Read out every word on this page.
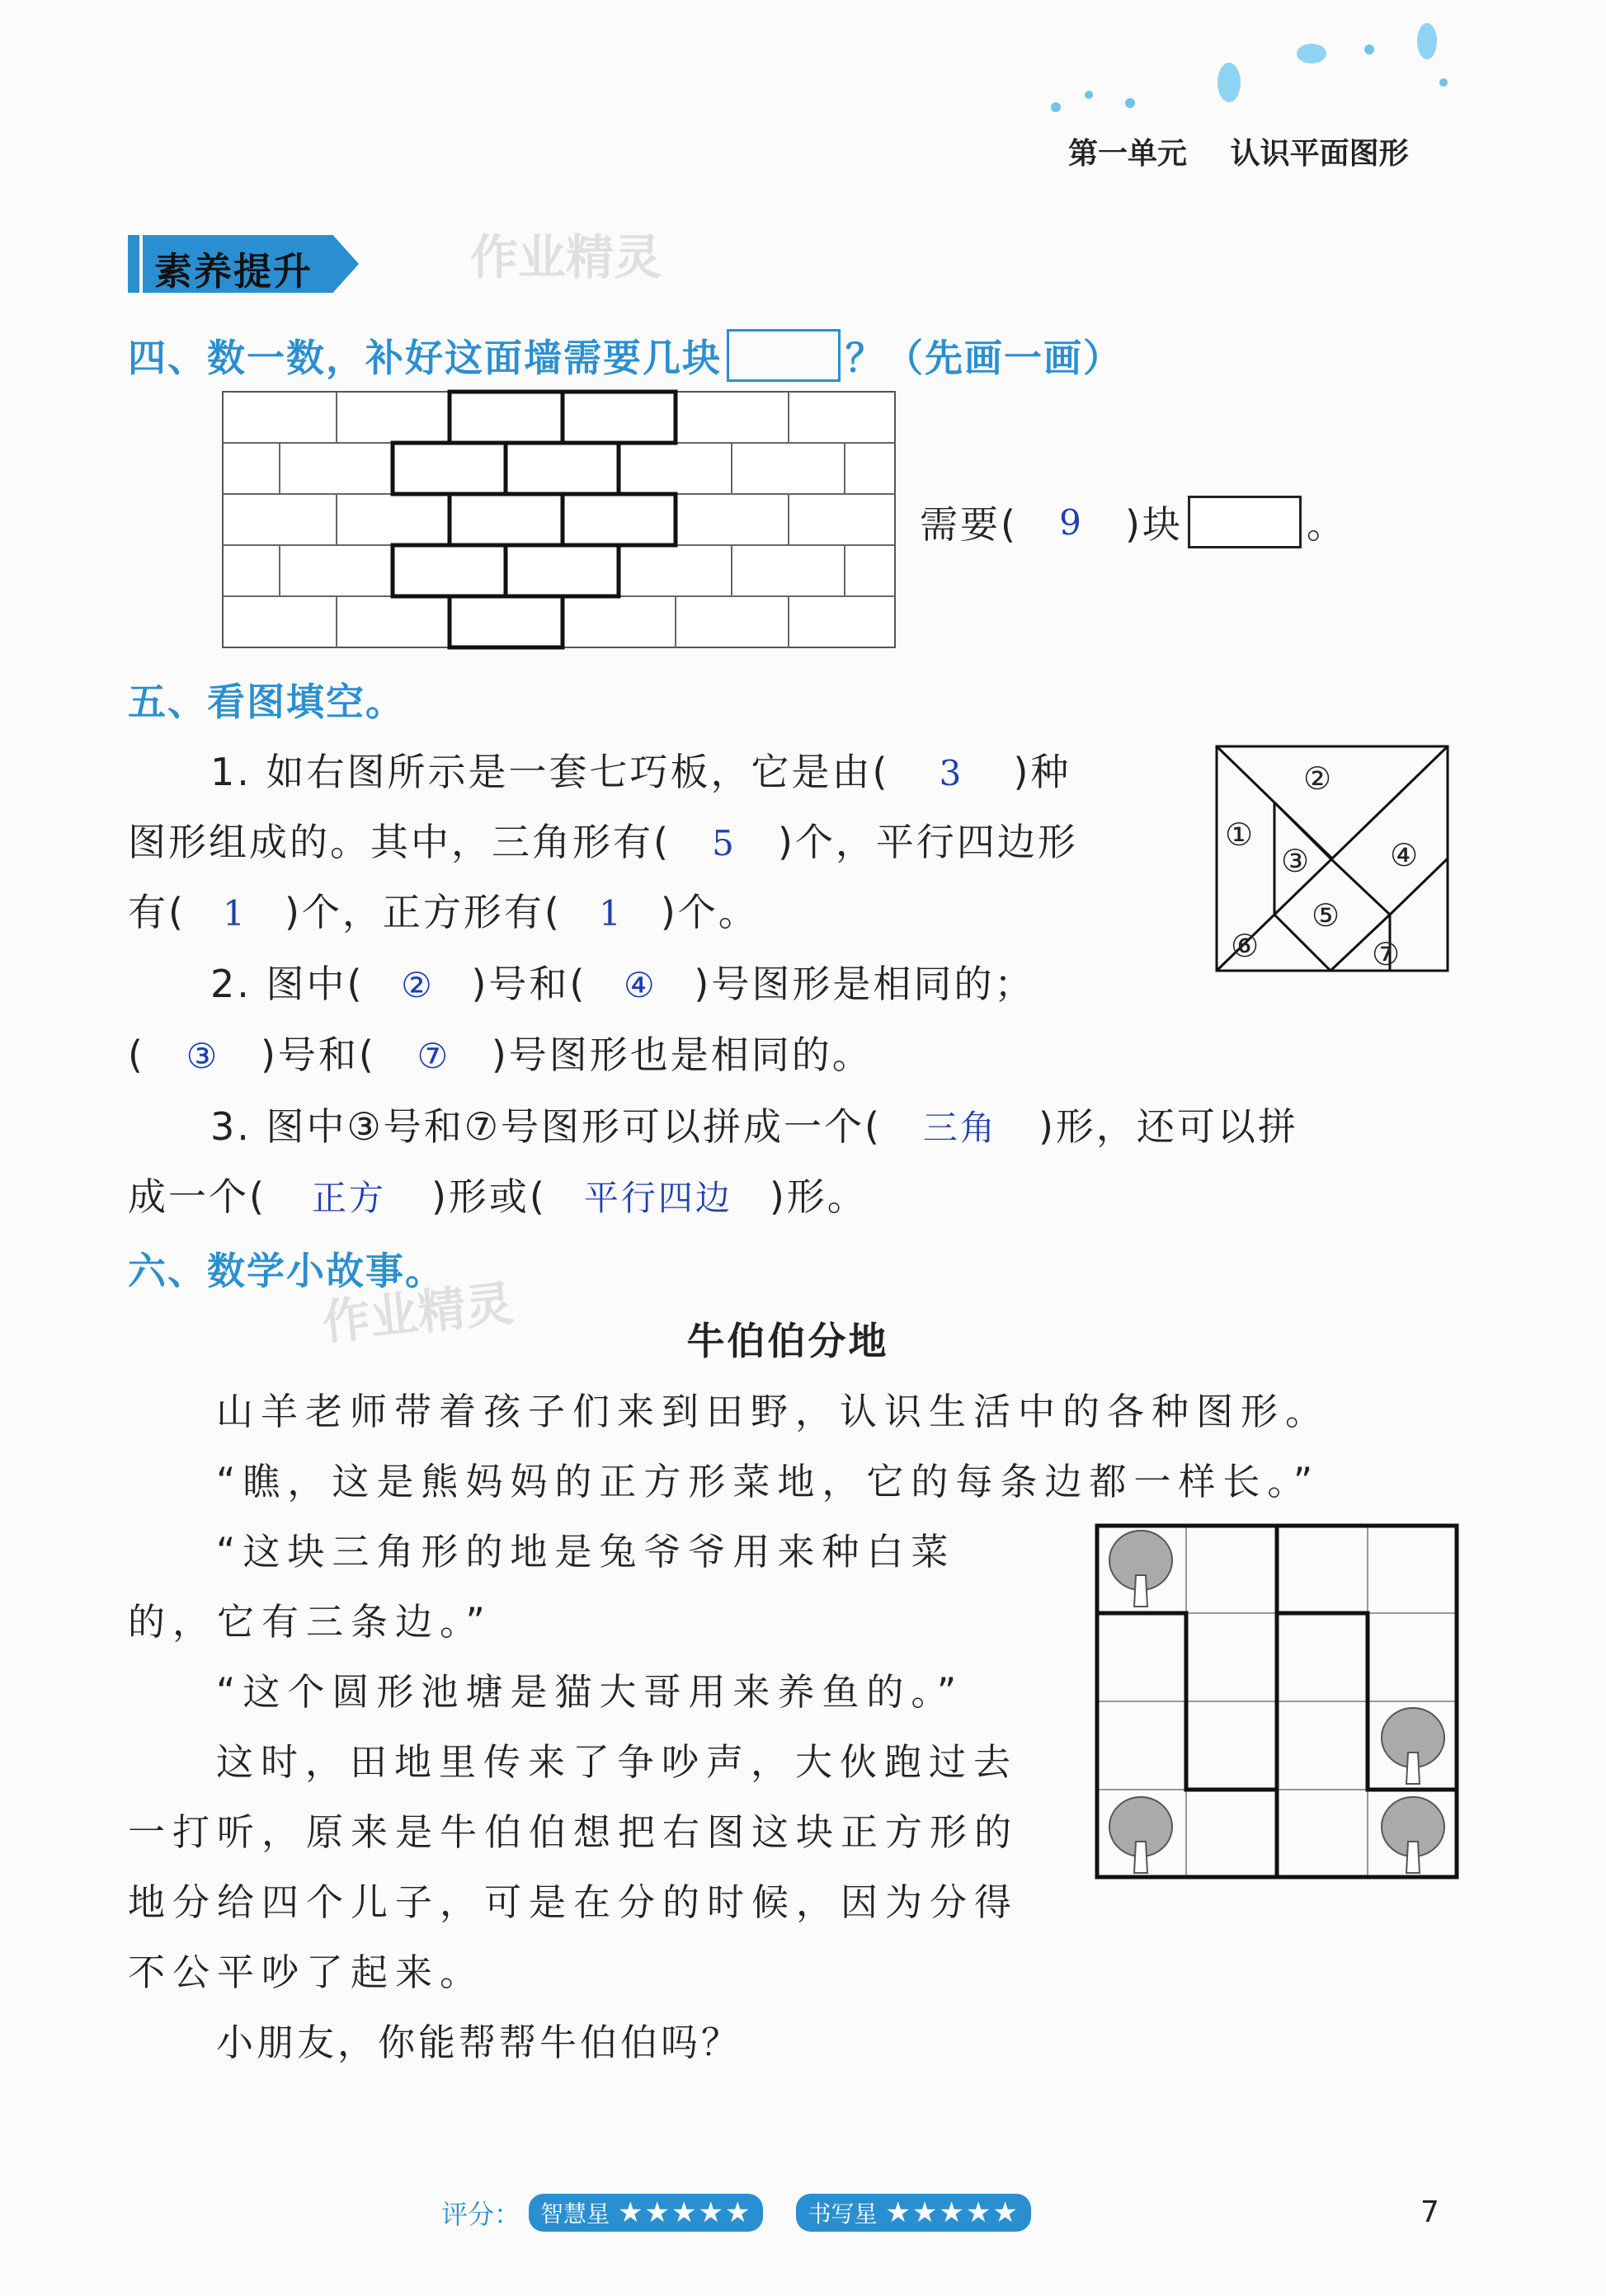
第一单元 认识平面图形
素养提升	作业精灵
四、数一数，补好这面墙需要几块	？（先画一画）
需要(	9	)块	。
五、看图填空。
1. 如右图所示是一套七巧板，它是由( 3 )种
图形组成的。其中，三角形有( 5 )个，平行四边形
有( 1 )个，正方形有( 1 )个。
2. 图中( ② )号和( ④ )号图形是相同的；
( ③ )号和( ⑦ )号图形也是相同的。
3. 图中③号和⑦号图形可以拼成一个( 三角 )形，还可以拼
成一个( 正方 )形或( 平行四边 )形。
②
①
③	④
⑤
⑥	⑦
六、数学小故事。
作业精灵	牛伯伯分地
山羊老师带着孩子们来到田野，认识生活中的各种图形。
“瞧，这是熊妈妈的正方形菜地，它的每条边都一样长。”
“这块三角形的地是兔爷爷用来种白菜
的，它有三条边。”
“这个圆形池塘是猫大哥用来养鱼的。”
这时，田地里传来了争吵声，大伙跑过去
一打听，原来是牛伯伯想把右图这块正方形的
地分给四个儿子，可是在分的时候，因为分得
不公平吵了起来。
小朋友，你能帮帮牛伯伯吗？
评分： 智慧星 ★★★★★ 书写星 ★★★★★	7
